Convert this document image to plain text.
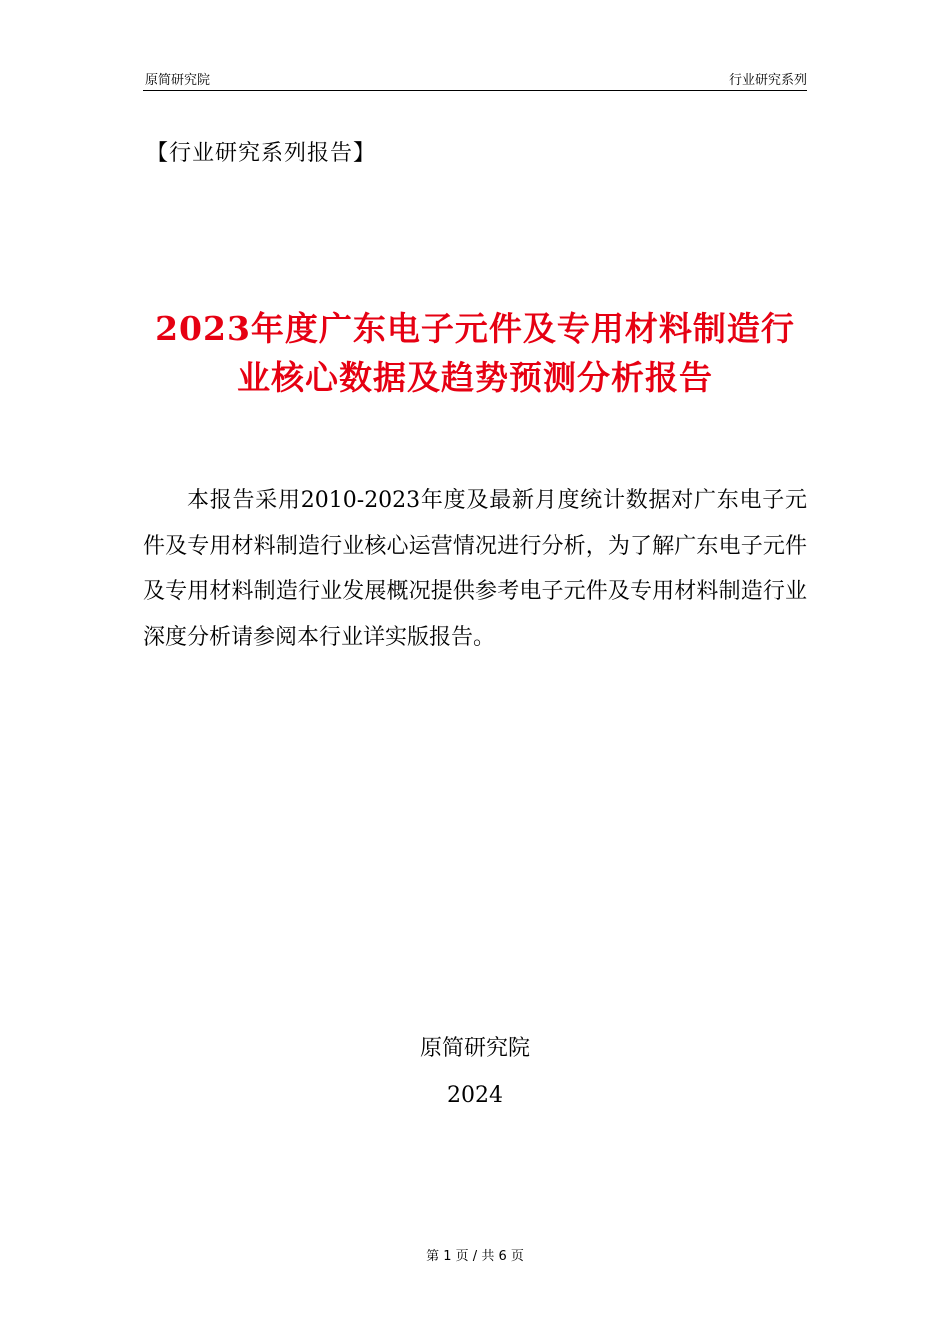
原简研究院	行业研究系列
【行业研究系列报告】
2023年度广东电子元件及专用材料制造行业核心数据及趋势预测分析报告

本报告采用2010-2023年度及最新月度统计数据对广东电子元件及专用材料制造行业核心运营情况进行分析，为了解广东电子元件及专用材料制造行业发展概况提供参考电子元件及专用材料制造行业深度分析请参阅本行业详实版报告。

原简研究院
2024
第 1 页 / 共 6 页
